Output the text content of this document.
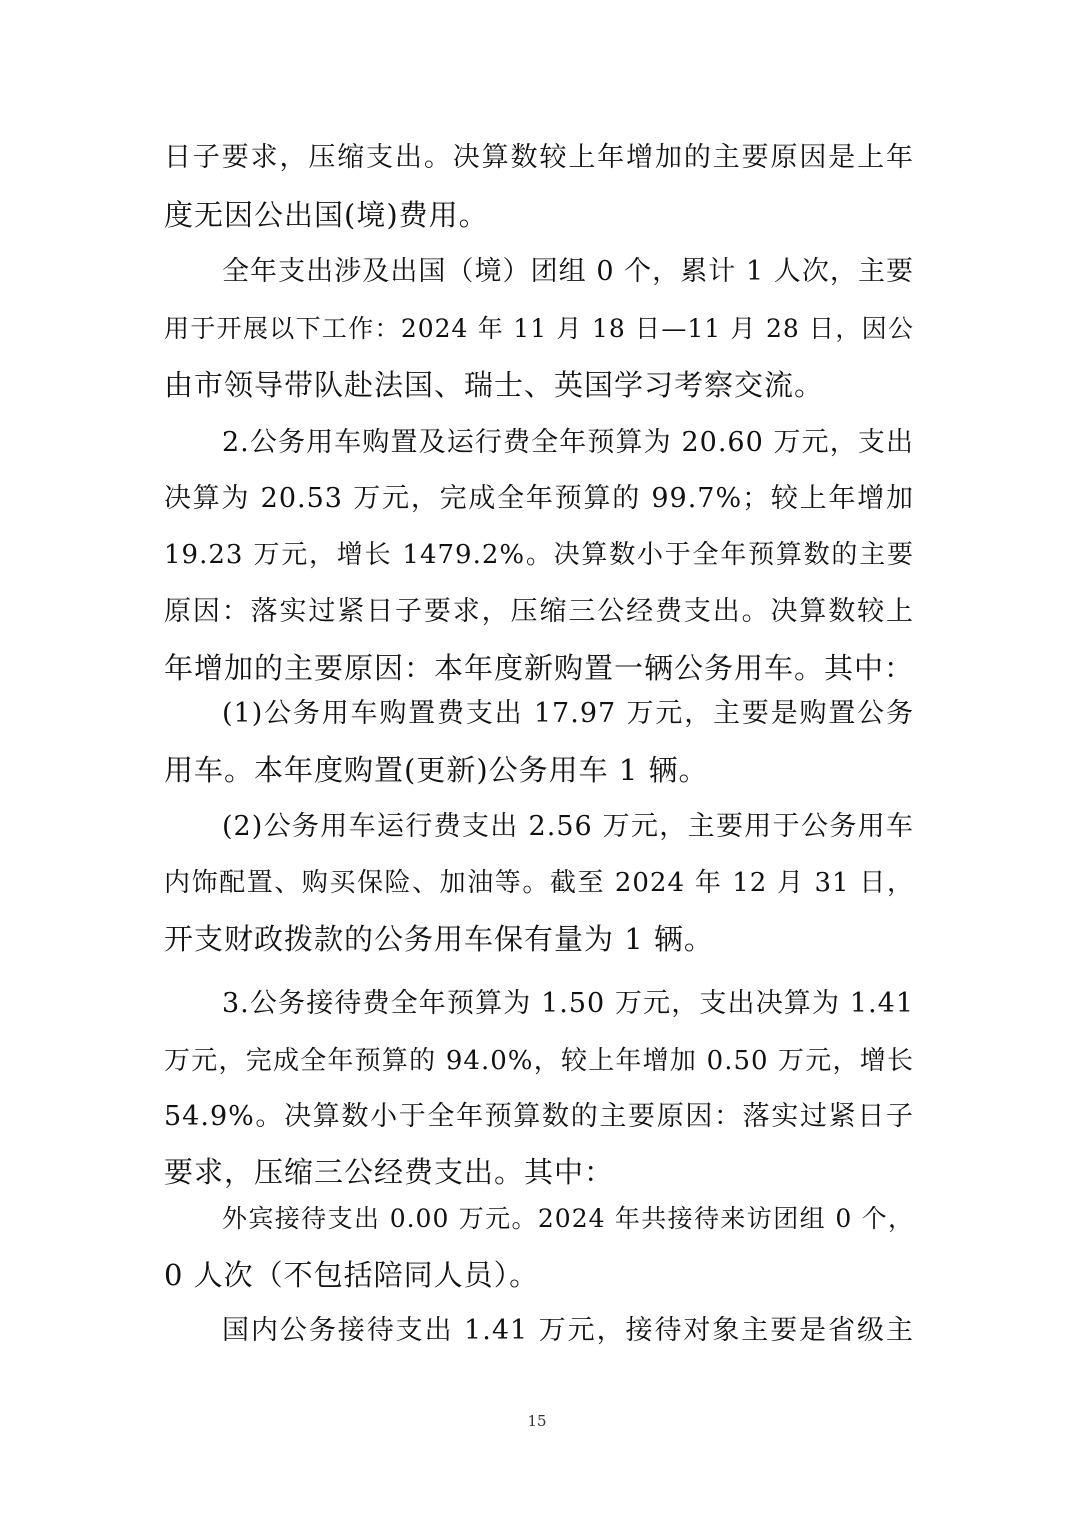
日子要求，压缩支出。决算数较上年增加的主要原因是上年
度无因公出国(境)费用。
全年支出涉及出国（境）团组 0 个，累计 1 人次，主要
用于开展以下工作：2024 年 11 月 18 日—11 月 28 日，因公
由市领导带队赴法国、瑞士、英国学习考察交流。
2.公务用车购置及运行费全年预算为 20.60 万元，支出
决算为 20.53 万元，完成全年预算的 99.7%；较上年增加
19.23 万元，增长 1479.2%。决算数小于全年预算数的主要
原因：落实过紧日子要求，压缩三公经费支出。决算数较上
年增加的主要原因：本年度新购置一辆公务用车。其中：
(1)公务用车购置费支出 17.97 万元，主要是购置公务
用车。本年度购置(更新)公务用车 1 辆。
(2)公务用车运行费支出 2.56 万元，主要用于公务用车
内饰配置、购买保险、加油等。截至 2024 年 12 月 31 日，
开支财政拨款的公务用车保有量为 1 辆。
3.公务接待费全年预算为 1.50 万元，支出决算为 1.41
万元，完成全年预算的 94.0%，较上年增加 0.50 万元，增长
54.9%。决算数小于全年预算数的主要原因：落实过紧日子
要求，压缩三公经费支出。其中：
外宾接待支出 0.00 万元。2024 年共接待来访团组 0 个，
0 人次（不包括陪同人员）。
国内公务接待支出 1.41 万元，接待对象主要是省级主
15
